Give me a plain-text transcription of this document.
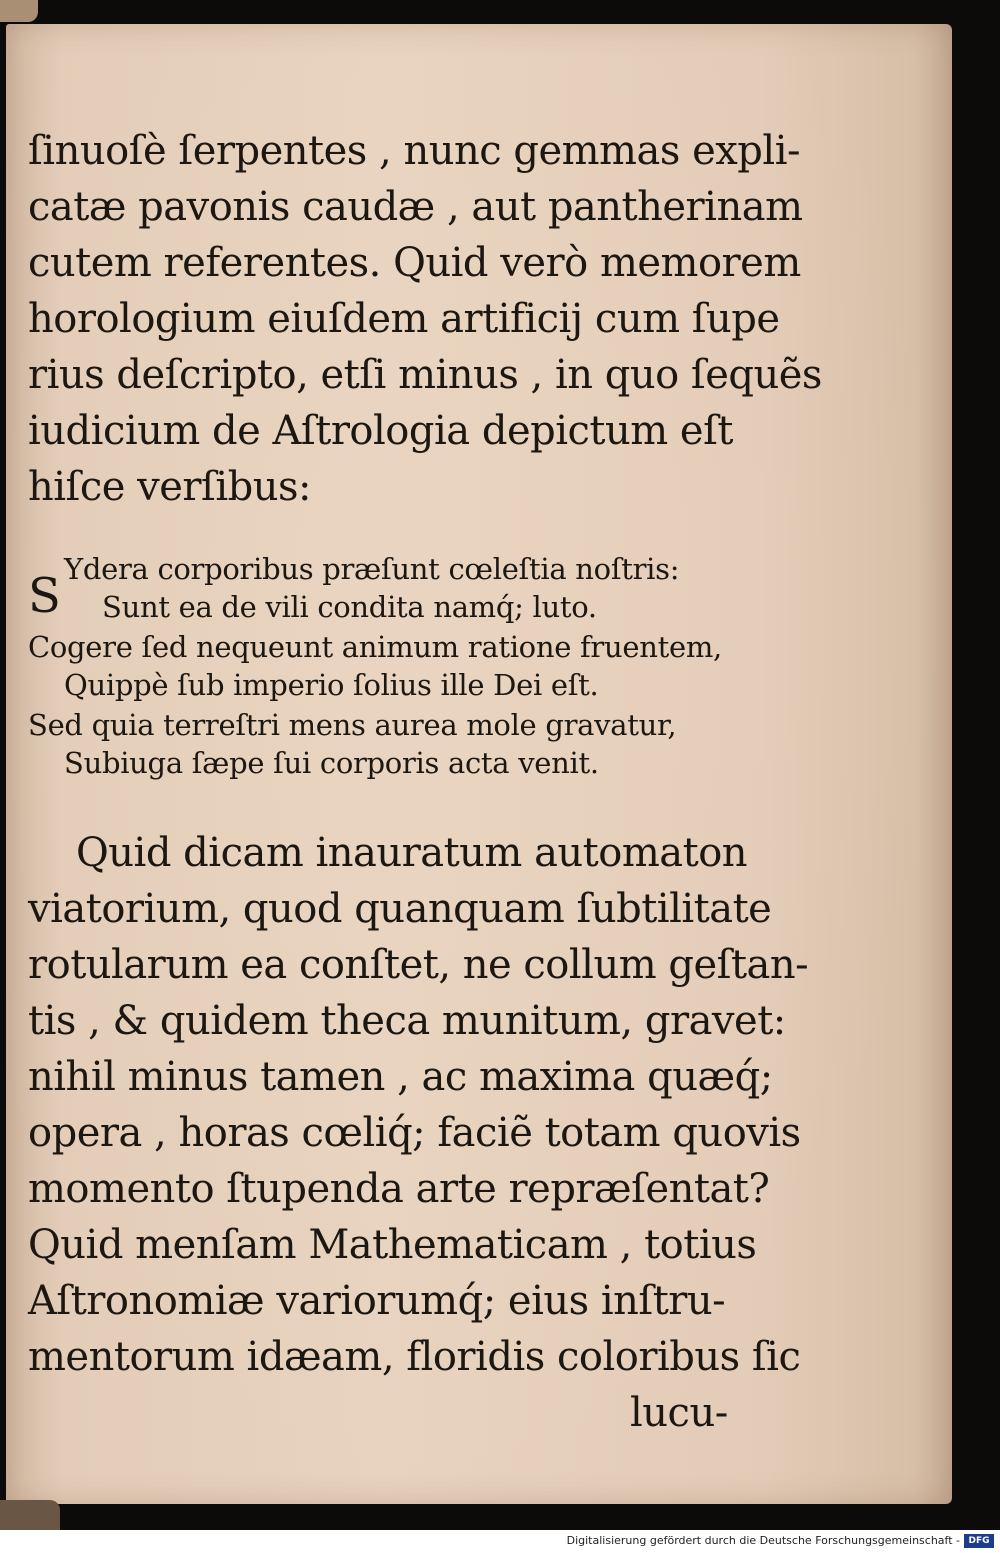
ſinuoſè ſerpentes , nunc gemmas expli-
catæ pavonis caudæ , aut pantherinam
cutem referentes. Quid verò memorem
horologium eiuſdem artificij cum ſupe
rius deſcripto, etſi minus , in quo ſequẽs
iudicium de Aſtrologia depictum eſt
hiſce verſibus:
S Ydera corporibus præſunt cœleſtia noſtris:
Sunt ea de vili condita namq́; luto.
Cogere ſed nequeunt animum ratione fruentem,
Quippè ſub imperio ſolius ille Dei eſt.
Sed quia terreſtri mens aurea mole gravatur,
Subiuga ſæpe ſui corporis acta venit.
Quid dicam inauratum automaton
viatorium, quod quanquam ſubtilitate
rotularum ea conſtet, ne collum geſtan-
tis , & quidem theca munitum, gravet:
nihil minus tamen , ac maxima quæq́;
opera , horas cœliq́; faciẽ totam quovis
momento ſtupenda arte repræſentat?
Quid menſam Mathematicam , totius
Aſtronomiæ variorumq́; eius inſtru-
mentorum idæam, floridis coloribus ſic
lucu-
Digitalisierung gefördert durch die Deutsche Forschungsgemeinschaft - DFG
